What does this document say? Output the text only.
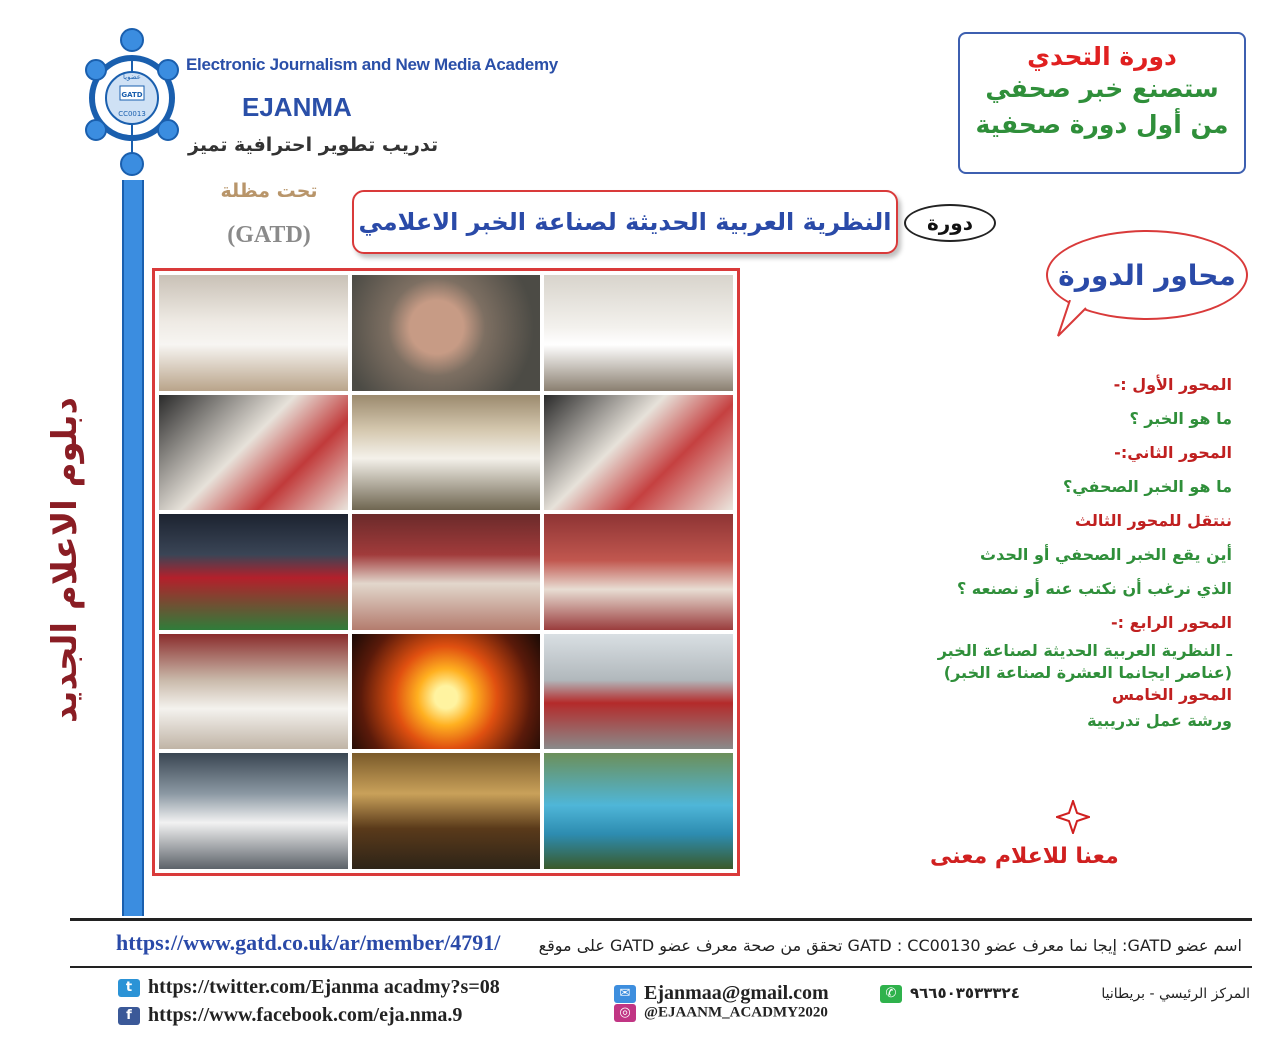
عضويا
GATD
CC0013
دبلوم الاعلام الجديد
Electronic Journalism and New Media Academy
EJANMA
تدريب تطوير احترافية تميز
تحت مظلة
(GATD)
دورة التحدي
ستصنع خبر صحفي
من أول دورة صحفية
النظرية العربية الحديثة لصناعة الخبر الاعلامي دورة
محاور الدورة
المحور الأول :-
ما هو الخبر ؟
المحور الثاني:-
ما هو الخبر الصحفي؟
ننتقل للمحور الثالث
أين يقع الخبر الصحفي أو الحدث
الذي نرغب أن نكتب عنه أو نصنعه ؟
المحور الرابع :-
ـ النظرية العربية الحديثة لصناعة الخبر
(عناصر ايجانما العشرة لصناعة الخبر)
المحور الخامس
ورشة عمل تدريبية
معنا للاعلام معنى
https://www.gatd.co.uk/ar/member/4791/	اسم عضو GATD: إيجا نما معرف عضو GATD : CC00130 تحقق من صحة معرف عضو GATD على موقع
t https://twitter.com/Ejanma acadmy?s=08
f https://www.facebook.com/eja.nma.9
✉ Ejanmaa@gmail.com
◎ @EJAANM_ACADMY2020
✆ ٩٦٦٥٠٣٥٣٣٣٢٤	المركز الرئيسي - بريطانيا
